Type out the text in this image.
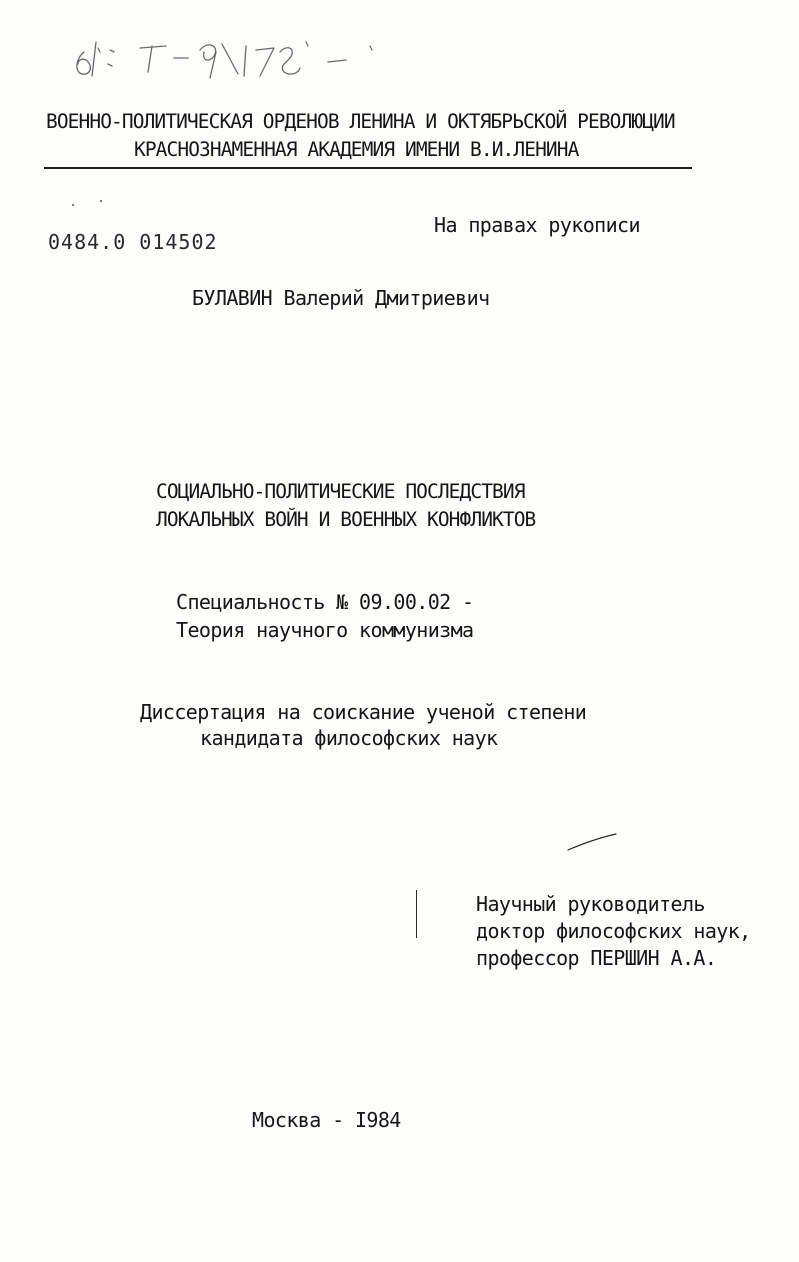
61 : 7-9/175 - 1
ВОЕННО-ПОЛИТИЧЕСКАЯ ОРДЕНОВ ЛЕНИНА И ОКТЯБРЬСКОЙ РЕВОЛЮЦИИ
КРАСНОЗНАМЕННАЯ АКАДЕМИЯ ИМЕНИ В.И.ЛЕНИНА
0484.0 014502
На правах рукописи
БУЛАВИН Валерий Дмитриевич
СОЦИАЛЬНО-ПОЛИТИЧЕСКИЕ ПОСЛЕДСТВИЯ
ЛОКАЛЬНЫХ ВОЙН И ВОЕННЫХ КОНФЛИКТОВ
Специальность № 09.00.02 -
Теория научного коммунизма
Диссертация на соискание ученой степени
кандидата философских наук
Научный руководитель
доктор философских наук,
профессор ПЕРШИН А.А.
Москва - I984
